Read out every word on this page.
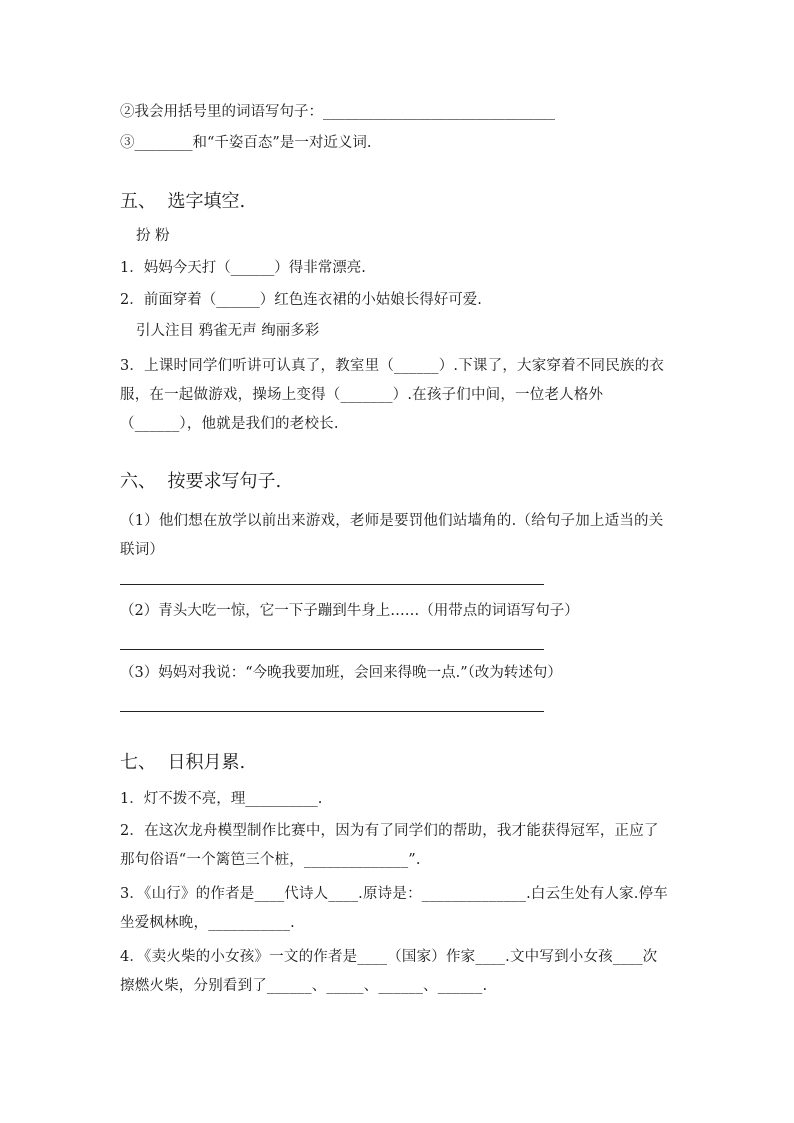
②我会用括号里的词语写句子：________________________________
③________和“千姿百态”是一对近义词.
五、  选字填空.
扮 粉
1．妈妈今天打（______）得非常漂亮.
2．前面穿着（______）红色连衣裙的小姑娘长得好可爱.
引人注目 鸦雀无声 绚丽多彩
3．上课时同学们听讲可认真了，教室里（______）.下课了，大家穿着不同民族的衣服，在一起做游戏，操场上变得（_______）.在孩子们中间，一位老人格外（______），他就是我们的老校长.
六、  按要求写句子.
（1）他们想在放学以前出来游戏，老师是要罚他们站墙角的.（给句子加上适当的关联词）
（2）青头大吃一惊，它一下子蹦到牛身上……（用带点的词语写句子）
（3）妈妈对我说：“今晚我要加班，会回来得晚一点.”（改为转述句）
七、  日积月累.
1．灯不拨不亮，理__________.
2．在这次龙舟模型制作比赛中，因为有了同学们的帮助，我才能获得冠军，正应了那句俗语“一个篱笆三个桩，______________”.
3．《山行》的作者是____代诗人____.原诗是：______________.白云生处有人家.停车坐爱枫林晚，___________.
4．《卖火柴的小女孩》一文的作者是____（国家）作家____.文中写到小女孩____次擦燃火柴，分别看到了______、_____、______、______.
